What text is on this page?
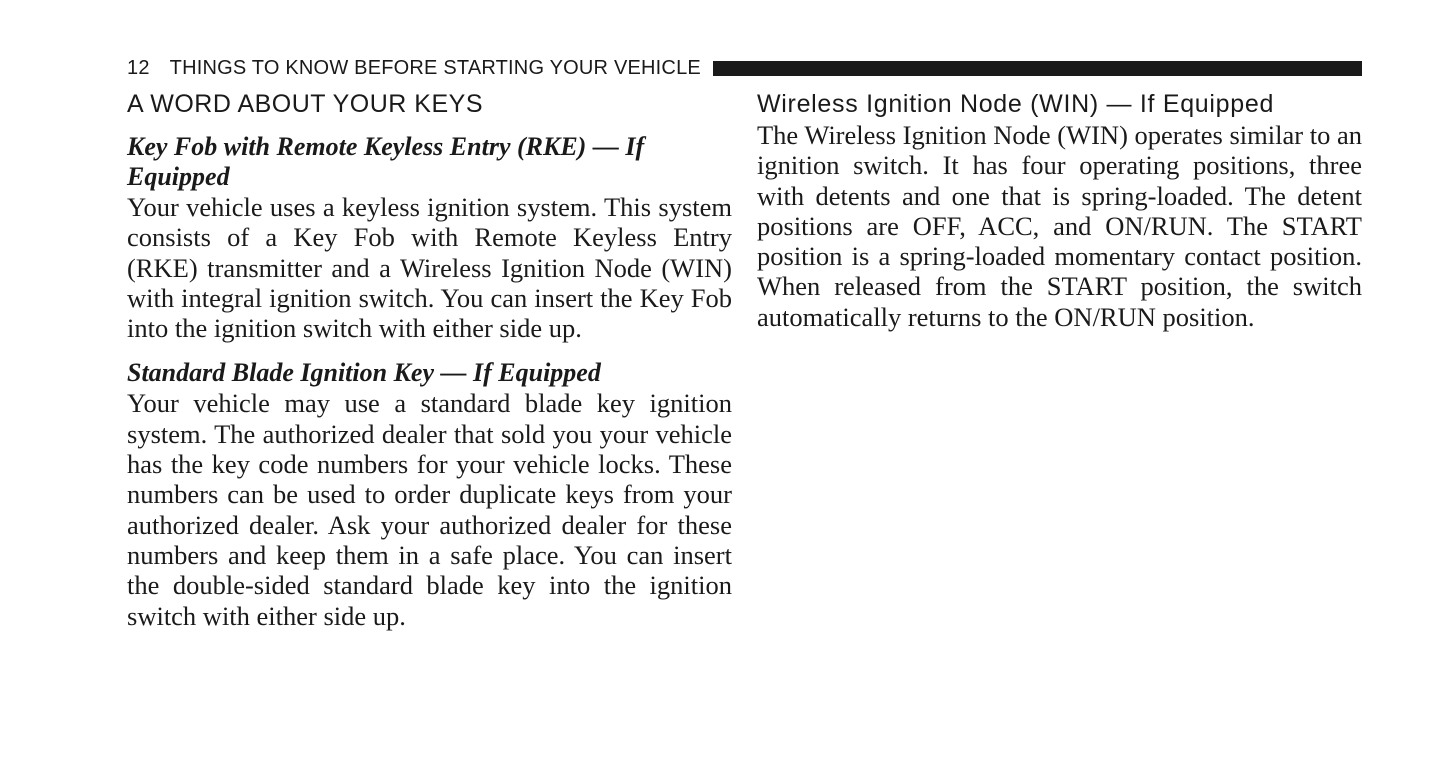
12 THINGS TO KNOW BEFORE STARTING YOUR VEHICLE
A WORD ABOUT YOUR KEYS
Key Fob with Remote Keyless Entry (RKE) — If Equipped

Your vehicle uses a keyless ignition system. This system consists of a Key Fob with Remote Keyless Entry (RKE) transmitter and a Wireless Ignition Node (WIN) with integral ignition switch. You can insert the Key Fob into the ignition switch with either side up.

Standard Blade Ignition Key — If Equipped

Your vehicle may use a standard blade key ignition system. The authorized dealer that sold you your vehicle has the key code numbers for your vehicle locks. These numbers can be used to order duplicate keys from your authorized dealer. Ask your authorized dealer for these numbers and keep them in a safe place. You can insert the double-sided standard blade key into the ignition switch with either side up.

Wireless Ignition Node (WIN) — If Equipped

The Wireless Ignition Node (WIN) operates similar to an ignition switch. It has four operating positions, three with detents and one that is spring-loaded. The detent positions are OFF, ACC, and ON/RUN. The START position is a spring-loaded momentary contact position. When released from the START position, the switch automatically returns to the ON/RUN position.
